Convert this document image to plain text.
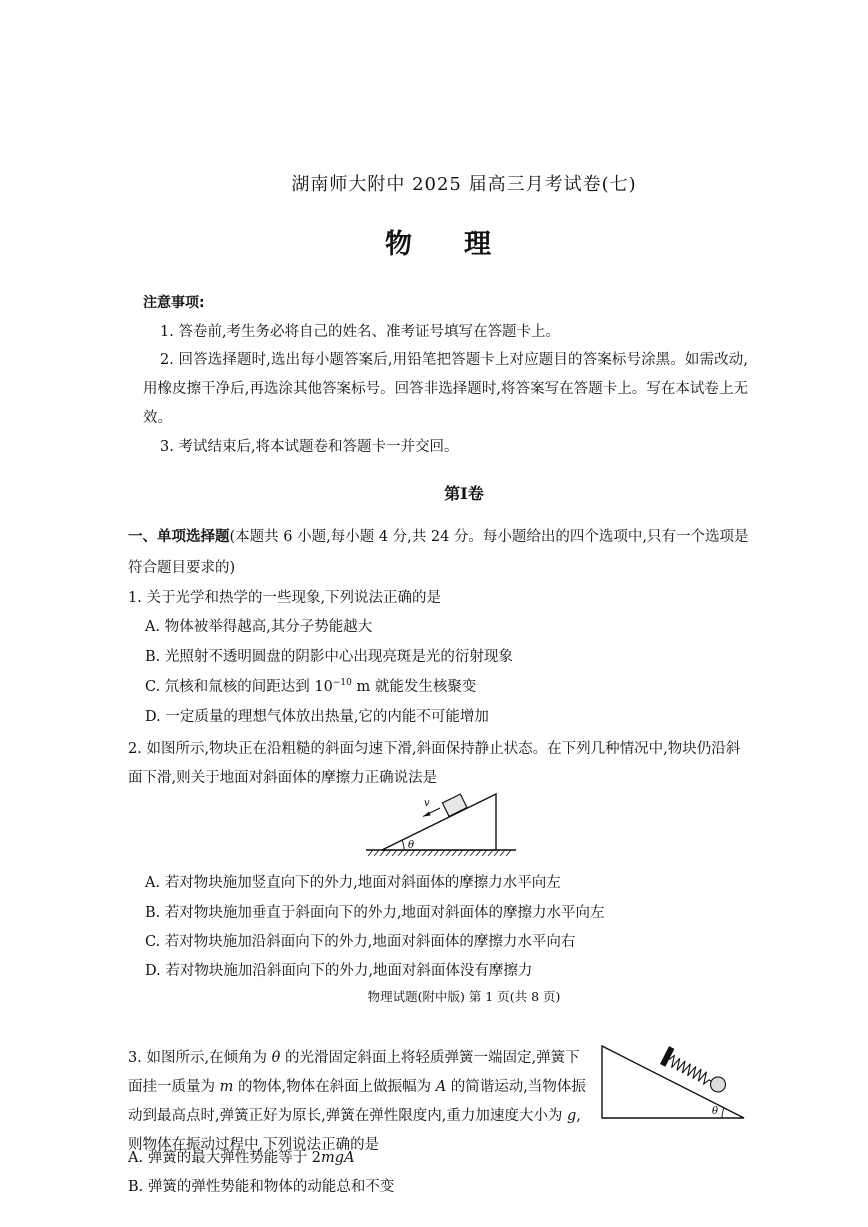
湖南师大附中 2025 届高三月考试卷(七)
物理
注意事项:
1. 答卷前,考生务必将自己的姓名、准考证号填写在答题卡上。
2. 回答选择题时,选出每小题答案后,用铅笔把答题卡上对应题目的答案标号涂黑。如需改动,用橡皮擦干净后,再选涂其他答案标号。回答非选择题时,将答案写在答题卡上。写在本试卷上无效。
3. 考试结束后,将本试题卷和答题卡一并交回。
第Ⅰ卷
一、单项选择题(本题共 6 小题,每小题 4 分,共 24 分。每小题给出的四个选项中,只有一个选项是符合题目要求的)
1. 关于光学和热学的一些现象,下列说法正确的是
A. 物体被举得越高,其分子势能越大
B. 光照射不透明圆盘的阴影中心出现亮斑是光的衍射现象
C. 氘核和氚核的间距达到 $10^{-10}$ m 就能发生核聚变
D. 一定质量的理想气体放出热量,它的内能不可能增加
2. 如图所示,物块正在沿粗糙的斜面匀速下滑,斜面保持静止状态。在下列几种情况中,物块仍沿斜面下滑,则关于地面对斜面体的摩擦力正确说法是
v
θ
A. 若对物块施加竖直向下的外力,地面对斜面体的摩擦力水平向左
B. 若对物块施加垂直于斜面向下的外力,地面对斜面体的摩擦力水平向左
C. 若对物块施加沿斜面向下的外力,地面对斜面体的摩擦力水平向右
D. 若对物块施加沿斜面向下的外力,地面对斜面体没有摩擦力
物理试题(附中版) 第 1 页(共 8 页)
3. 如图所示,在倾角为 θ 的光滑固定斜面上将轻质弹簧一端固定,弹簧下面挂一质量为 m 的物体,物体在斜面上做振幅为 A 的简谐运动,当物体振动到最高点时,弹簧正好为原长,弹簧在弹性限度内,重力加速度大小为 g,则物体在振动过程中,下列说法正确的是
A. 弹簧的最大弹性势能等于 2mgA
B. 弹簧的弹性势能和物体的动能总和不变
θ
